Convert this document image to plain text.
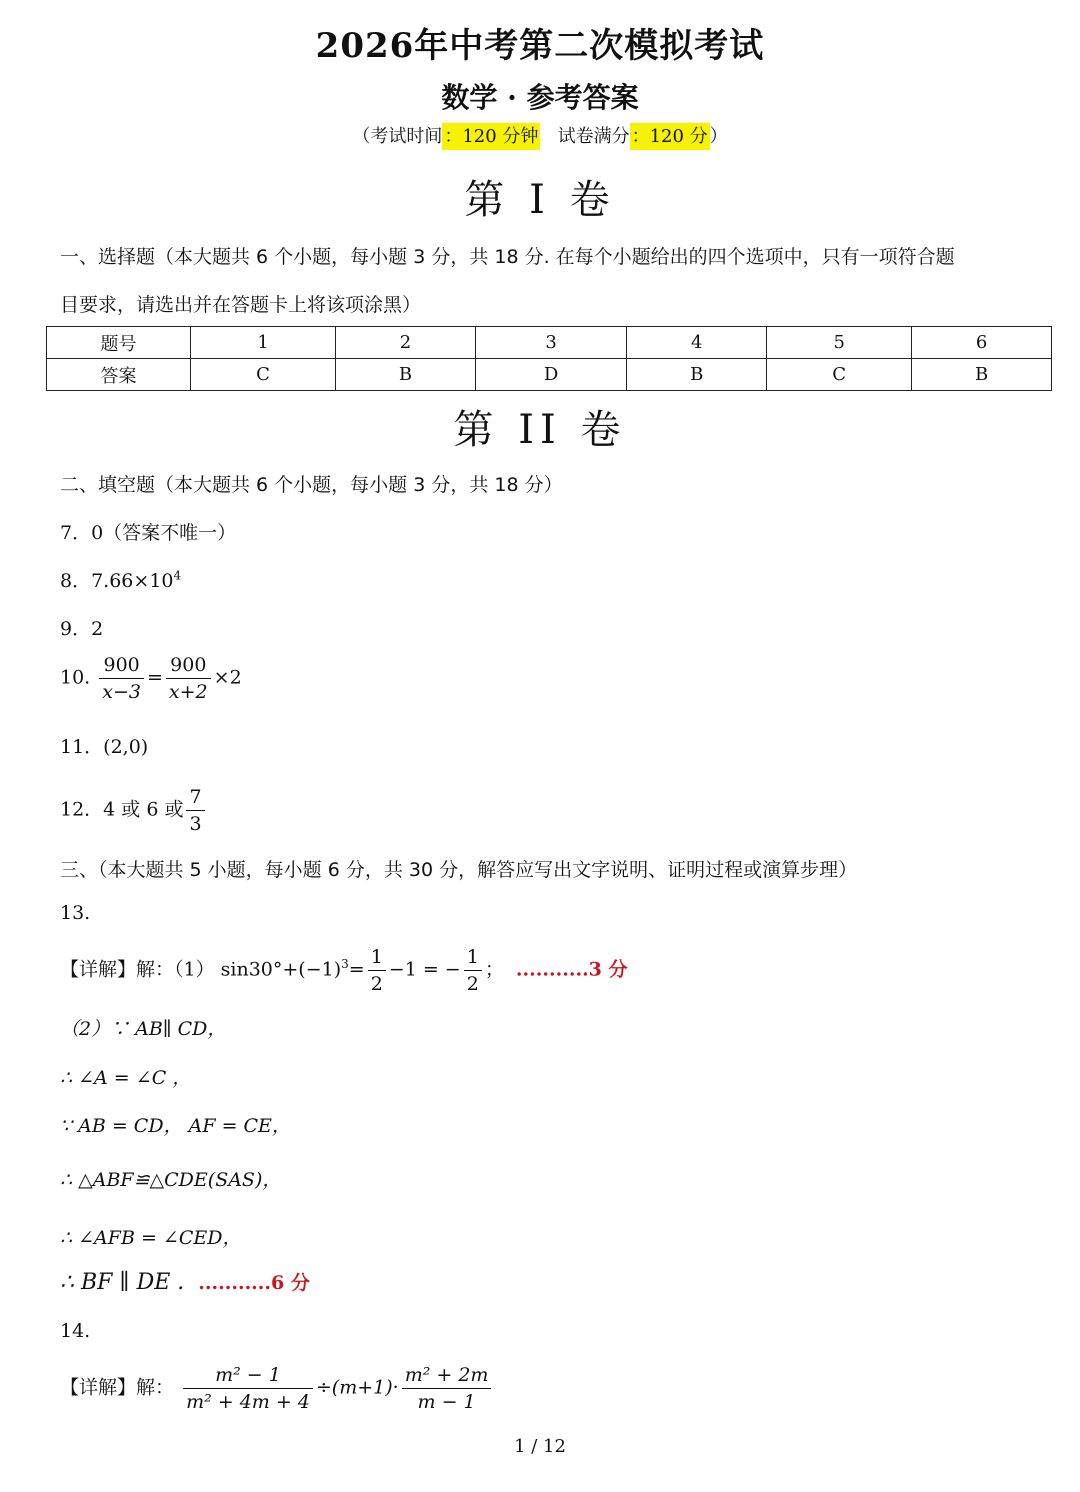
2026年中考第二次模拟考试
数学 · 参考答案
（考试时间 ：120 分钟 试卷满分 ：120 分 ）
第 I 卷
一、选择题（本大题共 6 个小题，每小题 3 分，共 18 分. 在每个小题给出的四个选项中，只有一项符合题
目要求，请选出并在答题卡上将该项涂黑）
题号	1	2	3	4	5	6
答案	C	B	D	B	C	B
第 II 卷
二、填空题（本大题共 6 个小题，每小题 3 分，共 18 分）
7．0（答案不唯一）
8．$7.66\times 10^4$
9．2
10. $\frac{900}{x-3} = \frac{900}{x+2} \times 2$
11．(2,0)
12．4 或 6 或 $\frac{7}{3}$
三、（本大题共 5 小题，每小题 6 分，共 30 分，解答应写出文字说明、证明过程或演算步理）
13.
【详解】解：（1） $\sin 30^\circ+(-1)^3= \frac{1}{2} -1$ = − $\frac{1}{2}$ ； ...........3 分
（2）∵ AB∥ CD，
∴ ∠A = ∠C ，
∵ AB = CD， AF = CE，
∴ △ABF≌△CDE(SAS)，
∴ ∠AFB = ∠CED，
∴ BF ∥ DE . ...........6 分
14.
【详解】解： $\frac{\text{m² − 1}}{\text{m² + 4m + 4}} \div(m+1)\cdot \frac{\text{m² + 2m}}{m - 1}$
1 / 12
